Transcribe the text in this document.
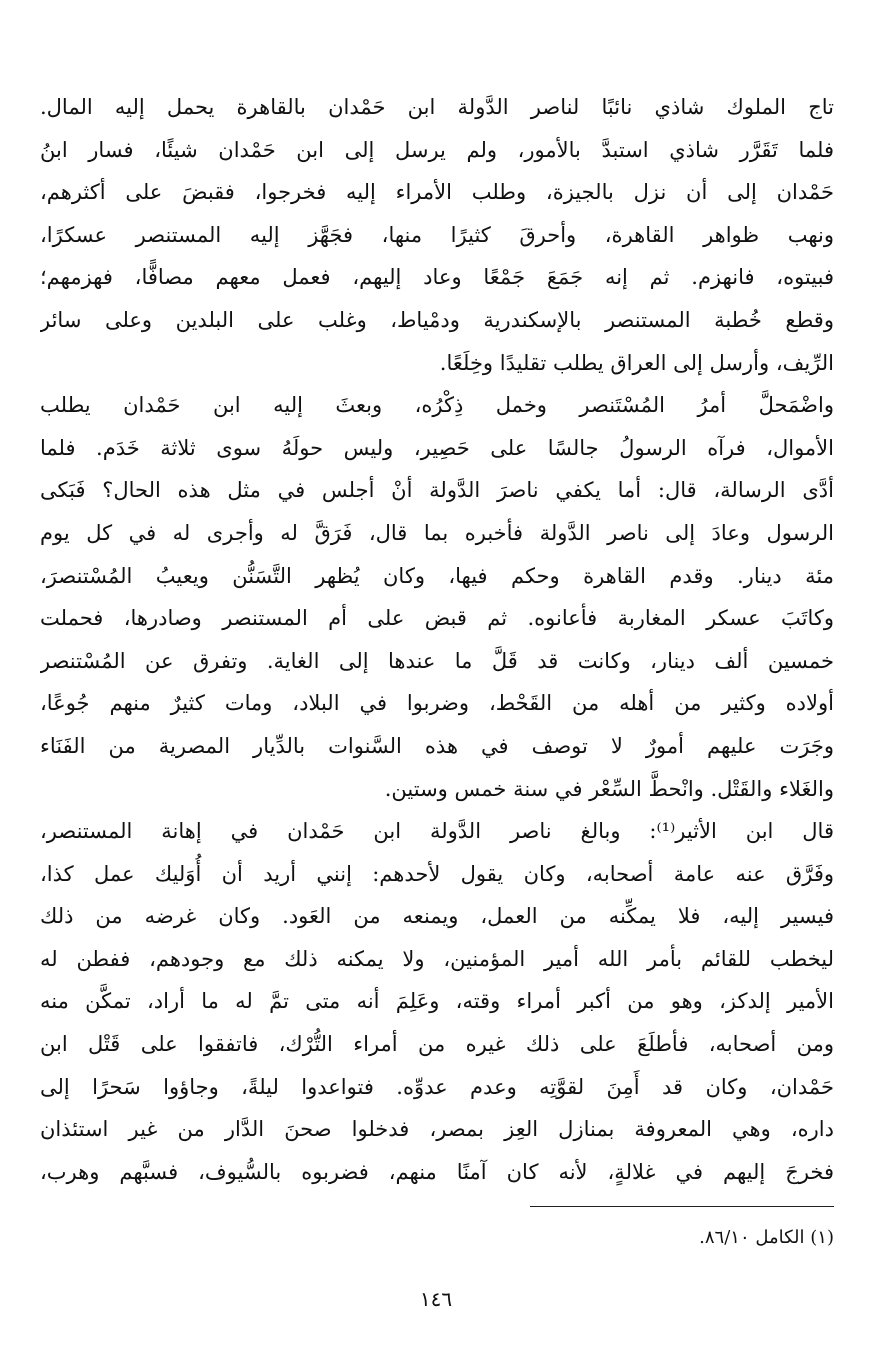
تاج الملوك شاذي نائبًا لناصر الدَّولة ابن حَمْدان بالقاهرة يحمل إليه المال.
فلما تَقَرَّر شاذي استبدَّ بالأمور، ولم يرسل إلى ابن حَمْدان شيئًا، فسار ابنُ
حَمْدان إلى أن نزل بالجيزة، وطلب الأمراء إليه فخرجوا، فقبضَ على أكثرهم،
ونهب ظواهر القاهرة، وأحرقَ كثيرًا منها، فجَهَّز إليه المستنصر عسكرًا،
فبيتوه، فانهزم. ثم إنه جَمَعَ جَمْعًا وعاد إليهم، فعمل معهم مصافًّا، فهزمهم؛
وقطع خُطبة المستنصر بالإسكندرية ودمْياط، وغلب على البلدين وعلى سائر
الرِّيف، وأرسل إلى العراق يطلب تقليدًا وخِلَعًا.
واضْمَحلَّ أمرُ المُسْتَنصر وخمل ذِكْرُه، وبعثَ إليه ابن حَمْدان يطلب
الأموال، فرآه الرسولُ جالسًا على حَصِير، وليس حولَهُ سوى ثلاثة خَدَم. فلما
أدَّى الرسالة، قال: أما يكفي ناصرَ الدَّولة أنْ أجلس في مثل هذه الحال؟ فَبَكى
الرسول وعادَ إلى ناصر الدَّولة فأخبره بما قال، فَرَقَّ له وأجرى له في كل يوم
مئة دينار. وقدم القاهرة وحكم فيها، وكان يُظهر التَّسَنُّن ويعيبُ المُسْتنصرَ،
وكاتَبَ عسكر المغاربة فأعانوه. ثم قبض على أم المستنصر وصادرها، فحملت
خمسين ألف دينار، وكانت قد قَلَّ ما عندها إلى الغاية. وتفرق عن المُسْتنصر
أولاده وكثير من أهله من القَحْط، وضربوا في البلاد، ومات كثيرٌ منهم جُوعًا،
وجَرَت عليهم أمورٌ لا توصف في هذه السَّنوات بالدِّيار المصرية من الفَنَاء
والغَلاء والقَتْل. وانْحطَّ السِّعْر في سنة خمس وستين.
قال ابن الأثير⁽¹⁾: وبالغ ناصر الدَّولة ابن حَمْدان في إهانة المستنصر،
وفَرَّق عنه عامة أصحابه، وكان يقول لأحدهم: إنني أريد أن أُوَليك عمل كذا،
فيسير إليه، فلا يمكِّنه من العمل، ويمنعه من العَود. وكان غرضه من ذلك
ليخطب للقائم بأمر الله أمير المؤمنين، ولا يمكنه ذلك مع وجودهم، ففطن له
الأمير إلدكز، وهو من أكبر أمراء وقته، وعَلِمَ أنه متى تمَّ له ما أراد، تمكَّن منه
ومن أصحابه، فأطلَعَ على ذلك غيره من أمراء التُّرْك، فاتفقوا على قَتْل ابن
حَمْدان، وكان قد أَمِنَ لقوَّتِه وعدم عدوِّه. فتواعدوا ليلةً، وجاؤوا سَحرًا إلى
داره، وهي المعروفة بمنازل العِز بمصر، فدخلوا صحنَ الدَّار من غير استئذان
فخرجَ إليهم في غلالةٍ، لأنه كان آمنًا منهم، فضربوه بالسُّيوف، فسبَّهم وهرب،
(١) الكامل ٨٦/١٠.
١٤٦
